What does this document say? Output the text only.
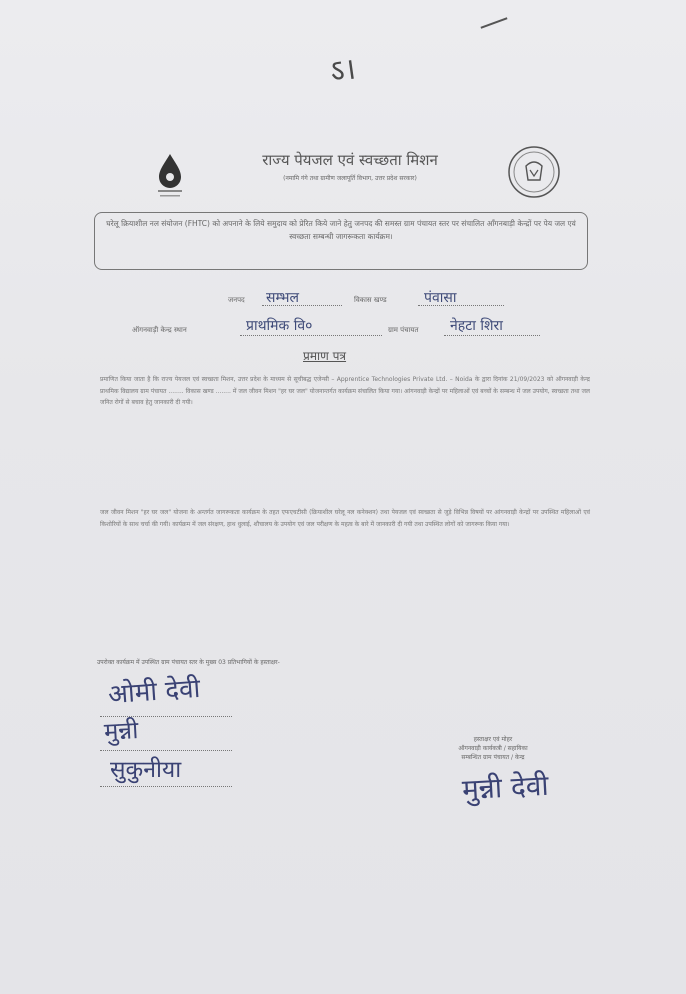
ऽ।
राज्य पेयजल एवं स्वच्छता मिशन
(नमामि गंगे तथा ग्रामीण जलापूर्ति विभाग, उत्तर प्रदेश सरकार)
घरेलू क्रियाशील नल संयोजन (FHTC) को अपनाने के लिये समुदाय को प्रेरित किये जाने हेतु जनपद की समस्त ग्राम पंचायत स्तर पर संचालित आँगनबाड़ी केन्द्रों पर पेय जल एवं स्वच्छता सम्बन्धी जागरूकता कार्यक्रम।
जनपद सम्भल	विकास खण्ड	पंवासा
ऑगनवाड़ी केन्द्र स्थान	प्राथमिक वि०	ग्राम पंचायत नेहटा शिरा
प्रमाण पत्र
प्रमाणित किया जाता है कि राज्य पेयजल एवं स्वच्छता मिशन, उत्तर प्रदेश के माध्यम से सूचीबद्ध एजेन्सी – Apprentice Technologies Private Ltd. – Noida के द्वारा दिनांक 21/09/2023 को ऑगनवाड़ी केन्द्र प्राथमिक विद्यालय ग्राम पंचायत ........ विकास खण्ड ........ में जल जीवन मिशन "हर घर जल" योजनान्तर्गत कार्यक्रम संचालित किया गया। आंगनवाड़ी केन्द्रों पर महिलाओं एवं बच्चों के सम्बन्ध में जल उपयोग, स्वच्छता तथा जल जनित रोगों से बचाव हेतु जानकारी दी गयी।
जल जीवन मिशन "हर घर जल" योजना के अन्तर्गत जागरूकता कार्यक्रम के तहत एफएचटीसी (क्रियाशील घरेलू नल कनेक्शन) तथा पेयजल एवं स्वच्छता से जुड़े विभिन्न विषयों पर आंगनवाड़ी केन्द्रों पर उपस्थित महिलाओं एवं किशोरियों के साथ चर्चा की गयी। कार्यक्रम में जल संरक्षण, हाथ धुलाई, शौचालय के उपयोग एवं जल परीक्षण के महत्व के बारे में जानकारी दी गयी तथा उपस्थित लोगों को जागरूक किया गया।
उपरोक्त कार्यक्रम में उपस्थित ग्राम पंचायत स्तर के मुख्य 03 प्रतिभागियों के हस्ताक्षर-
ओमी देवी
मुन्नी
सुकुनीया
हस्ताक्षर एवं मोहर
ऑगनवाड़ी कार्यकत्री / सहायिका
सम्बन्धित ग्राम पंचायत / केन्द्र
मुन्नी देवी
